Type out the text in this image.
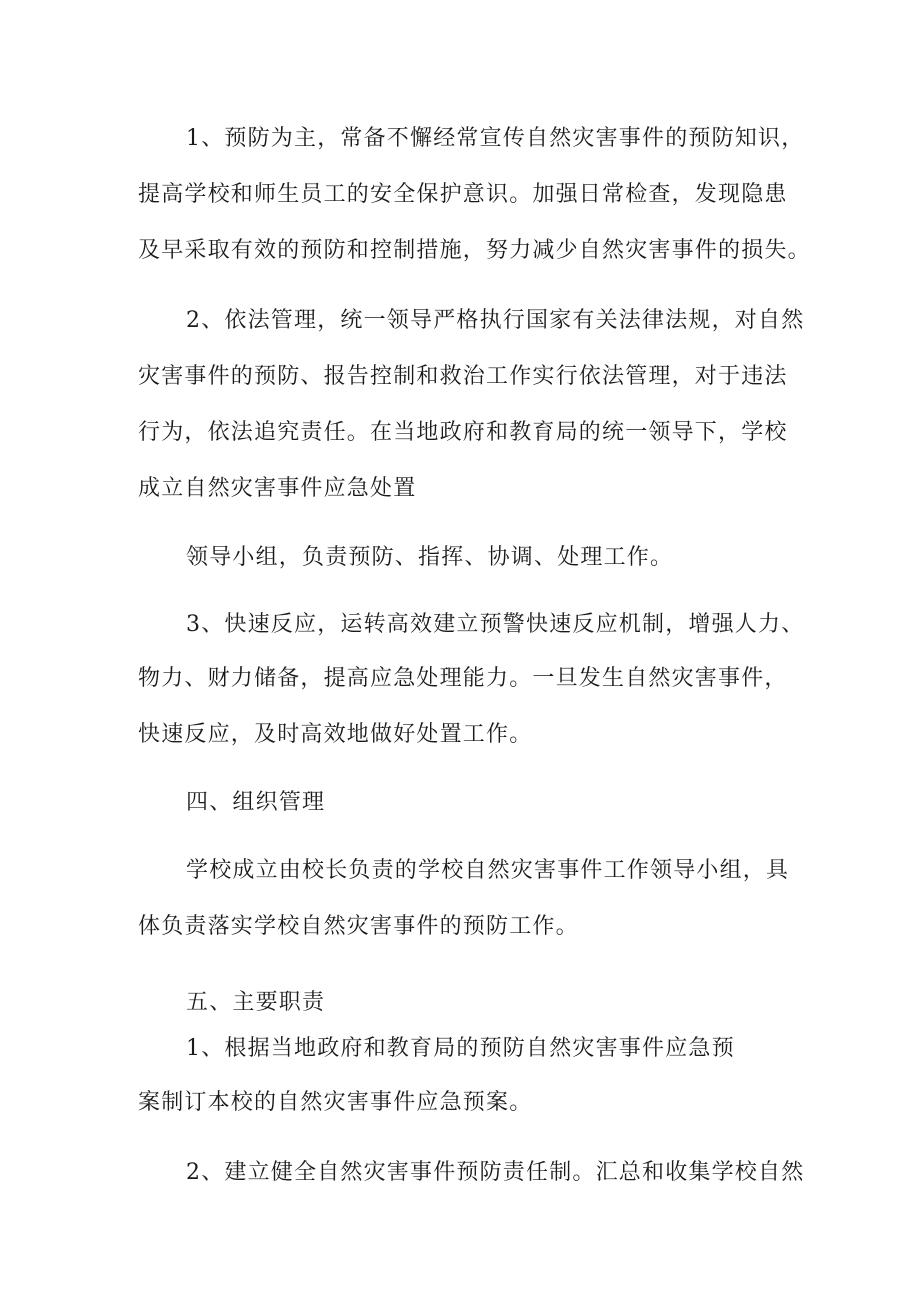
1、预防为主，常备不懈经常宣传自然灾害事件的预防知识，
提高学校和师生员工的安全保护意识。加强日常检查，发现隐患
及早采取有效的预防和控制措施，努力减少自然灾害事件的损失。
2、依法管理，统一领导严格执行国家有关法律法规，对自然
灾害事件的预防、报告控制和救治工作实行依法管理，对于违法
行为，依法追究责任。在当地政府和教育局的统一领导下，学校
成立自然灾害事件应急处置
领导小组，负责预防、指挥、协调、处理工作。
3、快速反应，运转高效建立预警快速反应机制，增强人力、
物力、财力储备，提高应急处理能力。一旦发生自然灾害事件，
快速反应，及时高效地做好处置工作。
四、组织管理
学校成立由校长负责的学校自然灾害事件工作领导小组，具
体负责落实学校自然灾害事件的预防工作。
五、主要职责
1、根据当地政府和教育局的预防自然灾害事件应急预
案制订本校的自然灾害事件应急预案。
2、建立健全自然灾害事件预防责任制。汇总和收集学校自然
